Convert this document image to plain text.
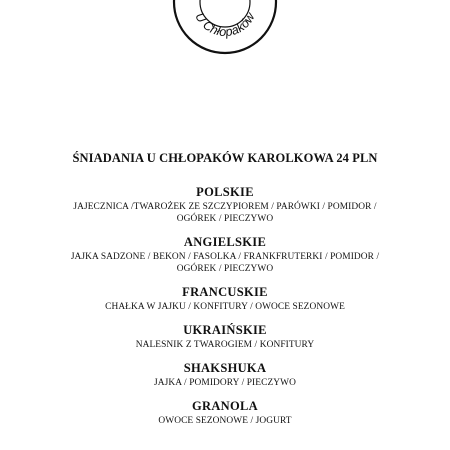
U Chłopaków
ŚNIADANIA U CHŁOPAKÓW KAROLKOWA 24 PLN
POLSKIE
JAJECZNICA /TWAROŻEK ZE SZCZYPIOREM / PARÓWKI / POMIDOR / OGÓREK / PIECZYWO
ANGIELSKIE
JAJKA SADZONE / BEKON / FASOLKA / FRANKFRUTERKI / POMIDOR / OGÓREK / PIECZYWO
FRANCUSKIE
CHAŁKA W JAJKU / KONFITURY / OWOCE SEZONOWE
UKRAIŃSKIE
NALESNIK Z TWAROGIEM / KONFITURY
SHAKSHUKA
JAJKA / POMIDORY / PIECZYWO
GRANOLA
OWOCE SEZONOWE / JOGURT
